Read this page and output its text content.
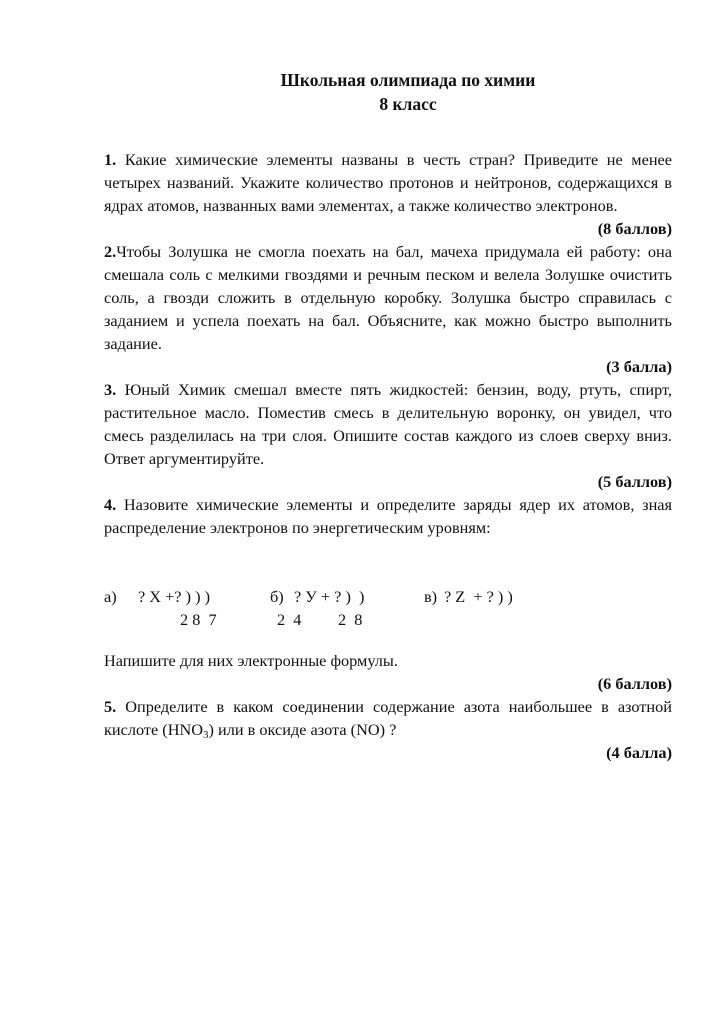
Школьная олимпиада по химии
8 класс

1. Какие химические элементы названы в честь стран? Приведите не менее четырех названий. Укажите количество протонов и нейтронов, содержащихся в ядрах атомов, названных вами элементах, а также количество электронов.

(8 баллов)

2.Чтобы Золушка не смогла поехать на бал, мачеха придумала ей работу: она смешала соль с мелкими гвоздями и речным песком и велела Золушке очистить соль, а гвозди сложить в отдельную коробку. Золушка быстро справилась с заданием и успела поехать на бал. Объясните, как можно быстро выполнить задание.

(3 балла)

3. Юный Химик смешал вместе пять жидкостей: бензин, воду, ртуть, спирт, растительное масло. Поместив смесь в делительную воронку, он увидел, что смесь разделилась на три слоя. Опишите состав каждого из слоев сверху вниз. Ответ аргументируйте.

(5 баллов)

4. Назовите химические элементы и определите заряды ядер их атомов, зная распределение электронов по энергетическим уровням:

а)

? X +? ) ) )

2 8  7

б)

? У + ? )  )

2  4

в)

? Z  + ? ) )

2  8

Напишите для них электронные формулы.

(6 баллов)

5. Определите в каком соединении содержание азота наибольшее в азотной кислоте $(HNO_3)$ или в оксиде азота (NO) ?

(4 балла)
